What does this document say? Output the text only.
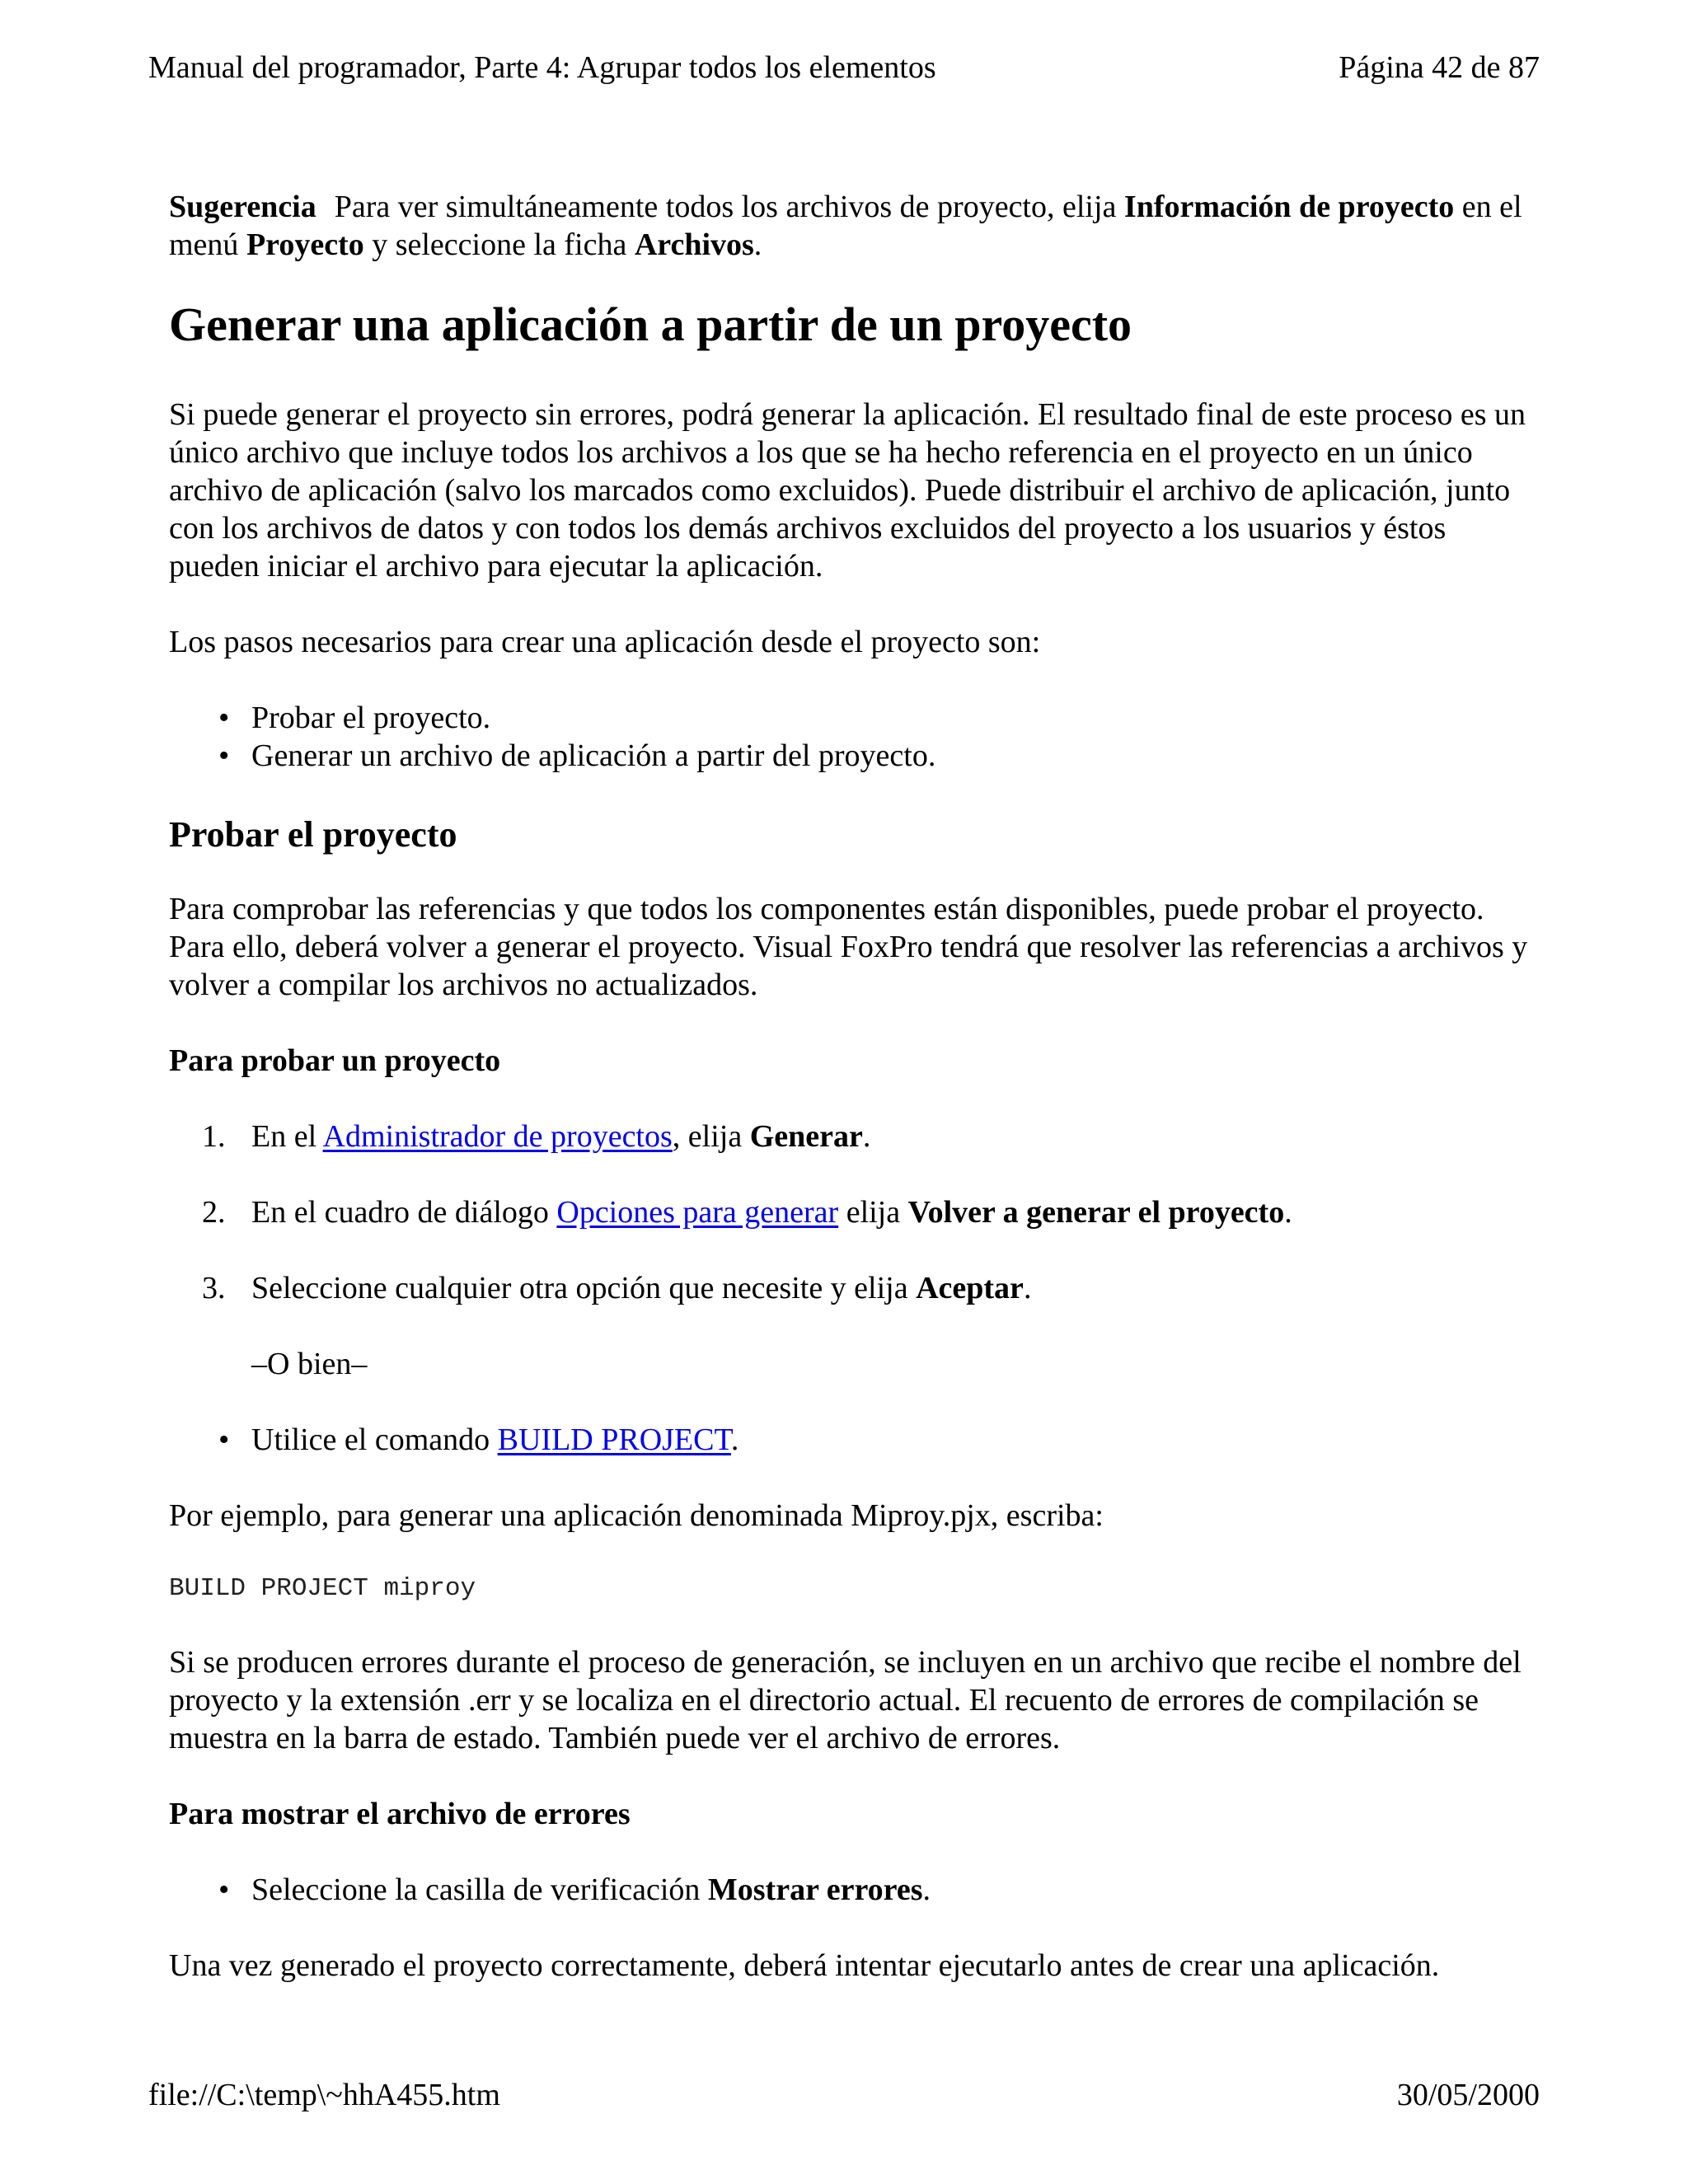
Manual del programador, Parte 4: Agrupar todos los elementos	Página 42 de 87

Sugerencia Para ver simultáneamente todos los archivos de proyecto, elija Información de proyecto en el menú Proyecto y seleccione la ficha Archivos.

Generar una aplicación a partir de un proyecto

Si puede generar el proyecto sin errores, podrá generar la aplicación. El resultado final de este proceso es un único archivo que incluye todos los archivos a los que se ha hecho referencia en el proyecto en un único archivo de aplicación (salvo los marcados como excluidos). Puede distribuir el archivo de aplicación, junto con los archivos de datos y con todos los demás archivos excluidos del proyecto a los usuarios y éstos pueden iniciar el archivo para ejecutar la aplicación.

Los pasos necesarios para crear una aplicación desde el proyecto son:

• Probar el proyecto.
• Generar un archivo de aplicación a partir del proyecto.
Probar el proyecto

Para comprobar las referencias y que todos los componentes están disponibles, puede probar el proyecto. Para ello, deberá volver a generar el proyecto. Visual FoxPro tendrá que resolver las referencias a archivos y volver a compilar los archivos no actualizados.

Para probar un proyecto

1. En el Administrador de proyectos, elija Generar.
2. En el cuadro de diálogo Opciones para generar elija Volver a generar el proyecto.
3. Seleccione cualquier otra opción que necesite y elija Aceptar.

–O bien–

• Utilice el comando BUILD PROJECT.

Por ejemplo, para generar una aplicación denominada Miproy.pjx, escriba:

BUILD PROJECT miproy

Si se producen errores durante el proceso de generación, se incluyen en un archivo que recibe el nombre del proyecto y la extensión .err y se localiza en el directorio actual. El recuento de errores de compilación se muestra en la barra de estado. También puede ver el archivo de errores.

Para mostrar el archivo de errores

• Seleccione la casilla de verificación Mostrar errores.

Una vez generado el proyecto correctamente, deberá intentar ejecutarlo antes de crear una aplicación.

file://C:\temp\~hhA455.htm	30/05/2000
